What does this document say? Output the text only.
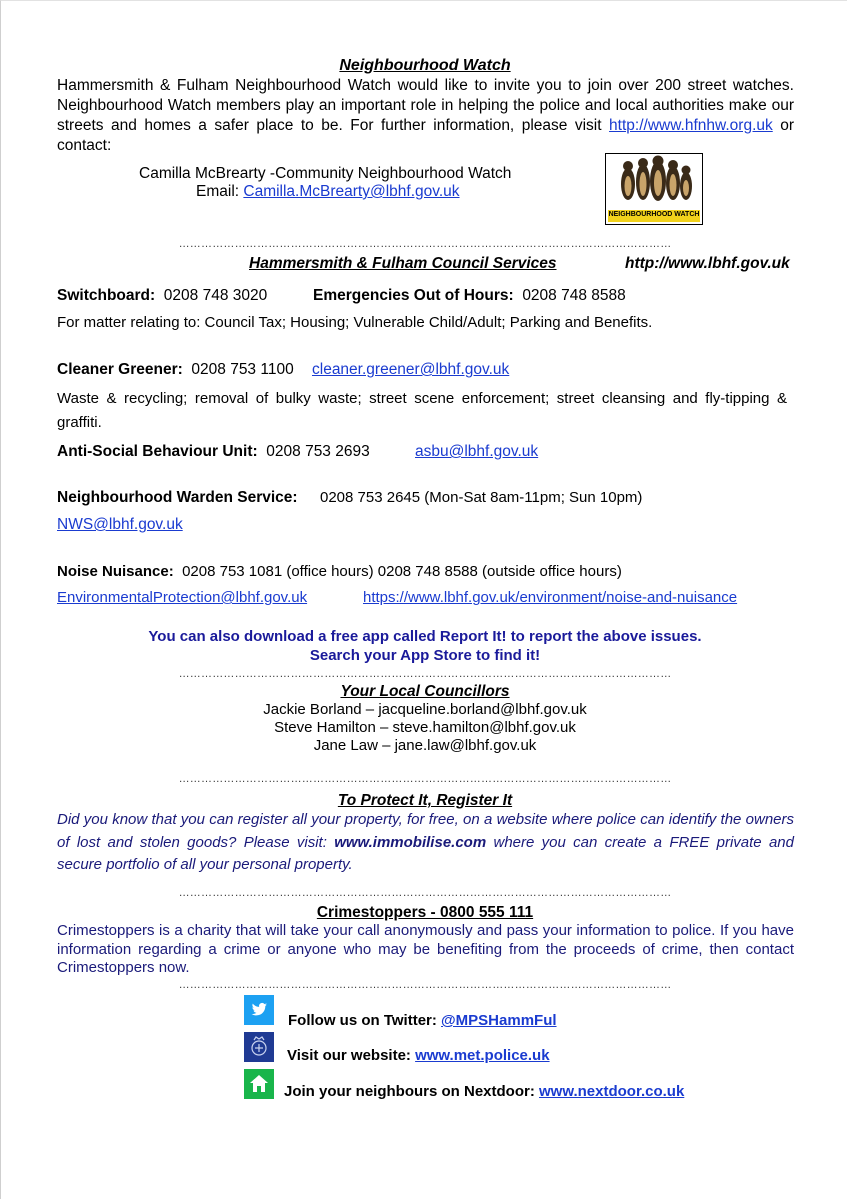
Neighbourhood Watch
Hammersmith & Fulham Neighbourhood Watch would like to invite you to join over 200 street watches. Neighbourhood Watch members play an important role in helping the police and local authorities make our streets and homes a safer place to be. For further information, please visit http://www.hfnhw.org.uk or contact:
Camilla McBrearty -Community Neighbourhood Watch
Email: Camilla.McBrearty@lbhf.gov.uk
NEIGHBOURHOOD WATCH
……………………………………………………………………………………………………………………
Hammersmith & Fulham Council Services	http://www.lbhf.gov.uk
Switchboard: 0208 748 3020	Emergencies Out of Hours: 0208 748 8588
For matter relating to: Council Tax; Housing; Vulnerable Child/Adult; Parking and Benefits.
Cleaner Greener: 0208 753 1100 cleaner.greener@lbhf.gov.uk
Waste & recycling; removal of bulky waste; street scene enforcement; street cleansing and fly-tipping & graffiti.
Anti-Social Behaviour Unit: 0208 753 2693	asbu@lbhf.gov.uk
Neighbourhood Warden Service: 0208 753 2645 (Mon-Sat 8am-11pm; Sun 10pm)
NWS@lbhf.gov.uk
Noise Nuisance: 0208 753 1081 (office hours) 0208 748 8588 (outside office hours)
EnvironmentalProtection@lbhf.gov.uk	https://www.lbhf.gov.uk/environment/noise-and-nuisance
You can also download a free app called Report It! to report the above issues.
Search your App Store to find it!
……………………………………………………………………………………………………………………
Your Local Councillors
Jackie Borland – jacqueline.borland@lbhf.gov.uk
Steve Hamilton – steve.hamilton@lbhf.gov.uk
Jane Law – jane.law@lbhf.gov.uk
……………………………………………………………………………………………………………………
To Protect It, Register It
Did you know that you can register all your property, for free, on a website where police can identify the owners of lost and stolen goods? Please visit: www.immobilise.com where you can create a FREE private and secure portfolio of all your personal property.
……………………………………………………………………………………………………………………
Crimestoppers - 0800 555 111
Crimestoppers is a charity that will take your call anonymously and pass your information to police. If you have information regarding a crime or anyone who may be benefiting from the proceeds of crime, then contact Crimestoppers now.
……………………………………………………………………………………………………………………
Follow us on Twitter: @MPSHammFul
Visit our website: www.met.police.uk
Join your neighbours on Nextdoor: www.nextdoor.co.uk
